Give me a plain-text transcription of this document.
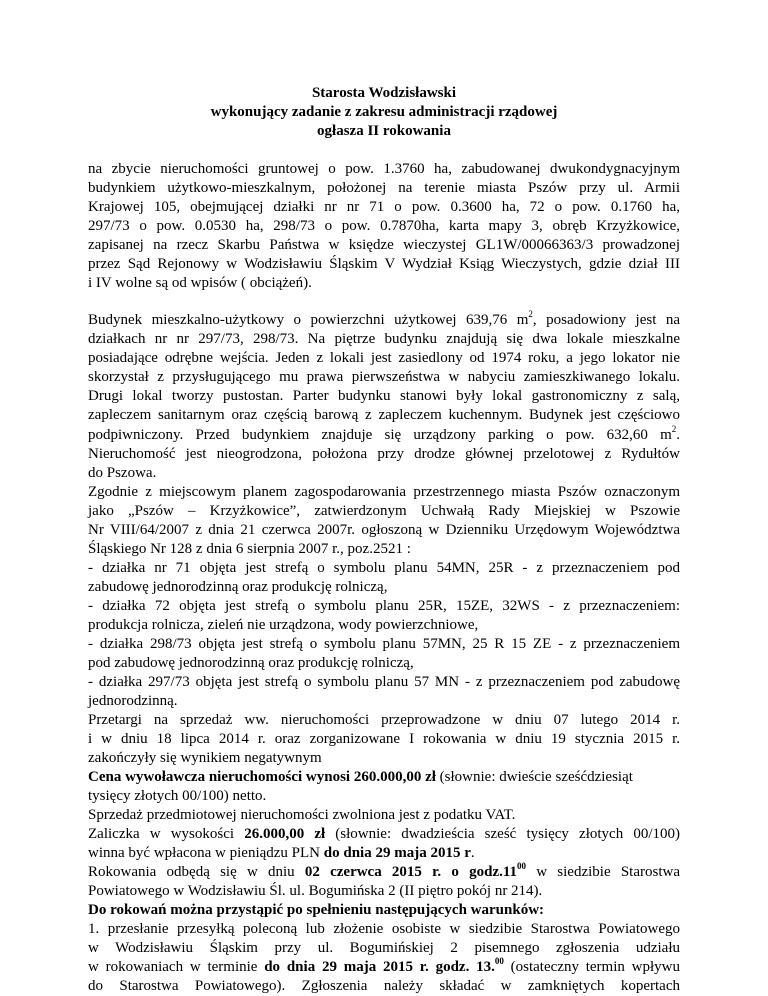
Starosta Wodzisławski
wykonujący zadanie z zakresu administracji rządowej
ogłasza II rokowania
na zbycie nieruchomości gruntowej o pow. 1.3760 ha, zabudowanej dwukondygnacyjnym
budynkiem użytkowo-mieszkalnym, położonej na terenie miasta Pszów przy ul. Armii
Krajowej 105, obejmującej działki nr nr 71 o pow. 0.3600 ha, 72 o pow. 0.1760 ha,
297/73 o pow. 0.0530 ha, 298/73 o pow. 0.7870ha, karta mapy 3, obręb Krzyżkowice,
zapisanej na rzecz Skarbu Państwa w księdze wieczystej GL1W/00066363/3 prowadzonej
przez Sąd Rejonowy w Wodzisławiu Śląskim V Wydział Ksiąg Wieczystych, gdzie dział III
i IV wolne są od wpisów ( obciążeń).
Budynek mieszkalno-użytkowy o powierzchni użytkowej 639,76 $m^2$, posadowiony jest na
działkach nr nr 297/73, 298/73. Na piętrze budynku znajdują się dwa lokale mieszkalne
posiadające odrębne wejścia. Jeden z lokali jest zasiedlony od 1974 roku, a jego lokator nie
skorzystał z przysługującego mu prawa pierwszeństwa w nabyciu zamieszkiwanego lokalu.
Drugi lokal tworzy pustostan. Parter budynku stanowi były lokal gastronomiczny z salą,
zapleczem sanitarnym oraz częścią barową z zapleczem kuchennym. Budynek jest częściowo
podpiwniczony. Przed budynkiem znajduje się urządzony parking o pow. 632,60 $m^2$.
Nieruchomość jest nieogrodzona, położona przy drodze głównej przelotowej z Rydułtów
do Pszowa.
Zgodnie z miejscowym planem zagospodarowania przestrzennego miasta Pszów oznaczonym
jako „Pszów – Krzyżkowice”, zatwierdzonym Uchwałą Rady Miejskiej w Pszowie
Nr VIII/64/2007 z dnia 21 czerwca 2007r. ogłoszoną w Dzienniku Urzędowym Województwa
Śląskiego Nr 128 z dnia 6 sierpnia 2007 r., poz.2521 :
- działka nr 71 objęta jest strefą o symbolu planu 54MN, 25R - z przeznaczeniem pod
zabudowę jednorodzinną oraz produkcję rolniczą,
- działka 72 objęta jest strefą o symbolu planu 25R, 15ZE, 32WS - z przeznaczeniem:
produkcja rolnicza, zieleń nie urządzona, wody powierzchniowe,
- działka 298/73 objęta jest strefą o symbolu planu 57MN, 25 R 15 ZE - z przeznaczeniem
pod zabudowę jednorodzinną oraz produkcję rolniczą,
- działka 297/73 objęta jest strefą o symbolu planu 57 MN - z przeznaczeniem pod zabudowę
jednorodzinną.
Przetargi na sprzedaż ww. nieruchomości przeprowadzone w dniu 07 lutego 2014 r.
i w dniu 18 lipca 2014 r. oraz zorganizowane I rokowania w dniu 19 stycznia 2015 r.
zakończyły się wynikiem negatywnym
Cena wywoławcza nieruchomości wynosi 260.000,00 zł (słownie: dwieście sześćdziesiąt
tysięcy złotych 00/100) netto.
Sprzedaż przedmiotowej nieruchomości zwolniona jest z podatku VAT.
Zaliczka w wysokości 26.000,00 zł (słownie: dwadzieścia sześć tysięcy złotych 00/100)
winna być wpłacona w pieniądzu PLN do dnia 29 maja 2015 r.
Rokowania odbędą się w dniu 02 czerwca 2015 r. o $godz.11^{00}$ w siedzibie Starostwa
Powiatowego w Wodzisławiu Śl. ul. Bogumińska 2 (II piętro pokój nr 214).
Do rokowań można przystąpić po spełnieniu następujących warunków:
1. przesłanie przesyłką poleconą lub złożenie osobiste w siedzibie Starostwa Powiatowego
w Wodzisławiu Śląskim przy ul. Bogumińskiej 2 pisemnego zgłoszenia udziału
w rokowaniach w terminie do dnia 29 maja 2015 r. godz. 13.00 (ostateczny termin wpływu
do Starostwa Powiatowego). Zgłoszenia należy składać w zamkniętych kopertach
